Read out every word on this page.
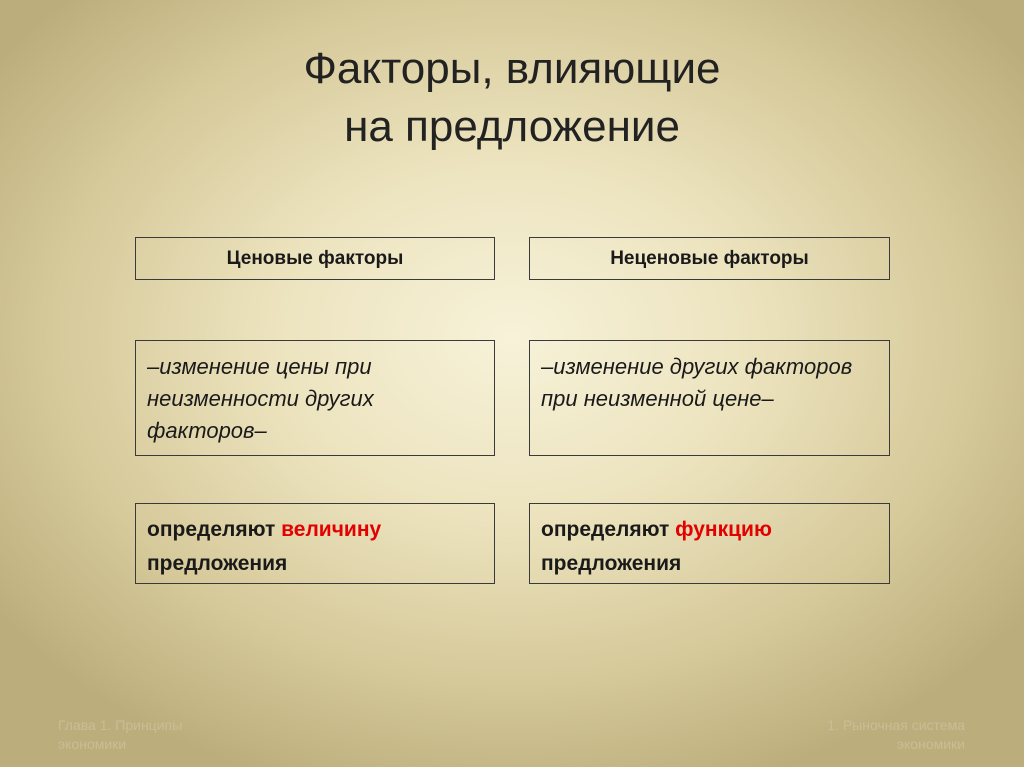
Факторы, влияющие
на предложение
Ценовые факторы
–изменение цены при неизменности других факторов–
определяют величину
предложения
Неценовые факторы
–изменение других факторов при неизменной цене–
определяют функцию
предложения
Глава 1. Принципы экономики
21
1. Рыночная система экономики
